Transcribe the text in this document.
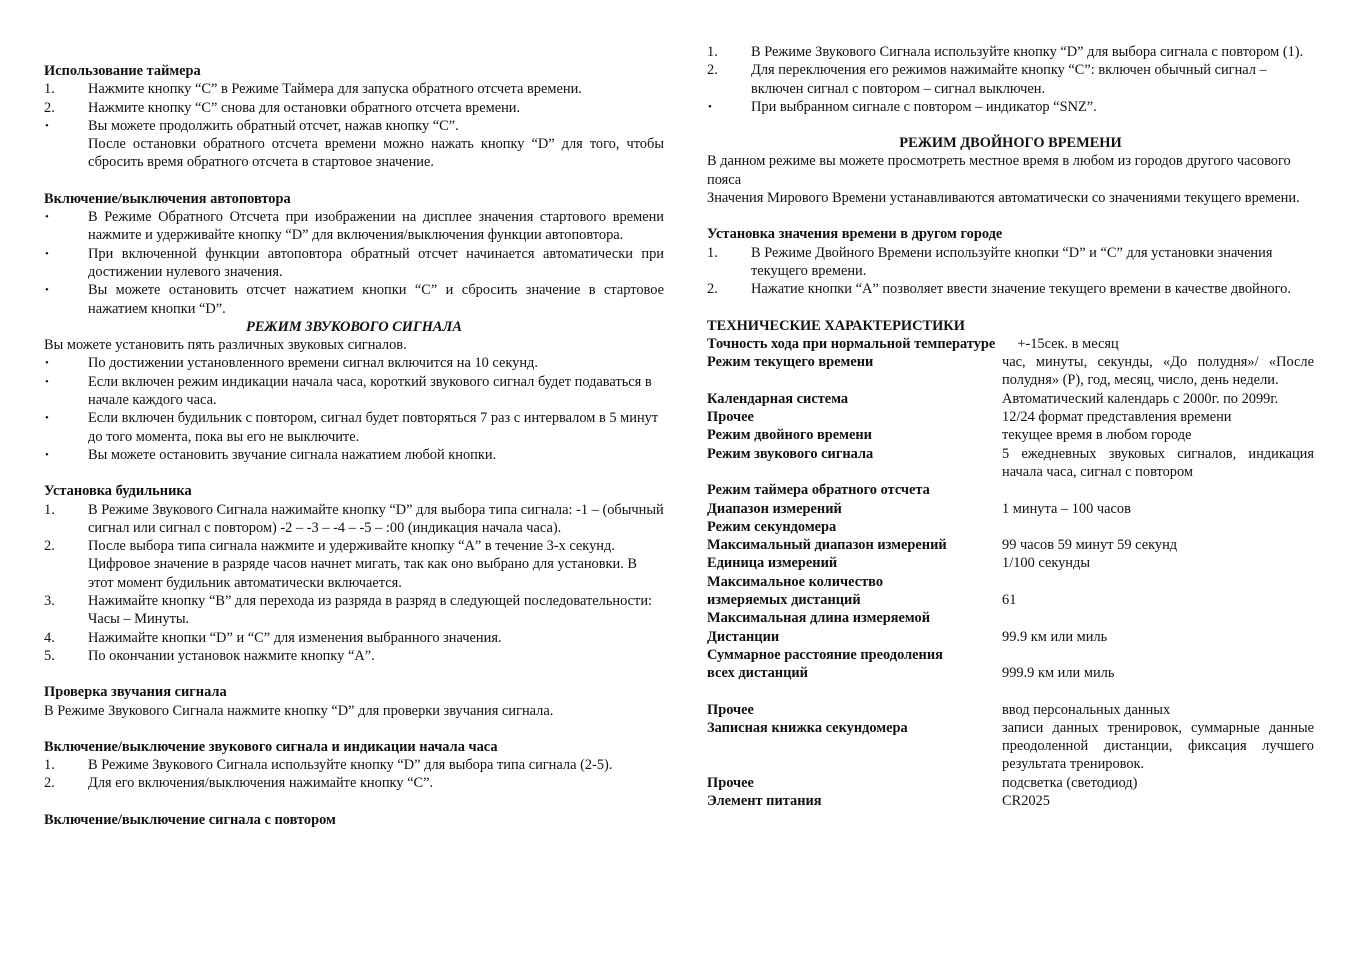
Использование таймера

1. Нажмите кнопку “C” в Режиме Таймера для запуска обратного отсчета времени.

2. Нажмите кнопку “C” снова для остановки обратного отсчета времени.

•	Вы можете продолжить обратный отсчет, нажав кнопку “C”.

После остановки обратного отсчета времени можно нажать кнопку “D” для того, чтобы сбросить время обратного отсчета в стартовое значение.

Включение/выключения автоповтора

•	В Режиме Обратного Отсчета при изображении на дисплее значения стартового времени нажмите и удерживайте кнопку “D” для включения/выключения функции автоповтора.

•	При включенной функции автоповтора обратный отсчет начинается автоматически при достижении нулевого значения.

•	Вы можете остановить отсчет нажатием кнопки “C” и сбросить значение в стартовое нажатием кнопки “D”.

РЕЖИМ ЗВУКОВОГО СИГНАЛА

Вы можете установить пять различных звуковых сигналов.

•	По достижении установленного времени сигнал включится на 10 секунд.

•	Если включен режим индикации начала часа, короткий звукового сигнал будет подаваться в начале каждого часа.

•	Если включен будильник с повтором, сигнал будет повторяться 7 раз с интервалом в 5 минут до того момента, пока вы его не выключите.

•	Вы можете остановить звучание сигнала нажатием любой кнопки.

Установка будильника

1. В Режиме Звукового Сигнала нажимайте кнопку “D” для выбора типа сигнала: -1 – (обычный сигнал или сигнал с повтором) -2 – -3 – -4 – -5 – :00 (индикация начала часа).

2. После выбора типа сигнала нажмите и удерживайте кнопку “A” в течение 3-х секунд. Цифровое значение в разряде часов начнет мигать, так как оно выбрано для установки. В этот момент будильник автоматически включается.

3. Нажимайте кнопку “B” для перехода из разряда в разряд в следующей последовательности: Часы – Минуты.

4. Нажимайте кнопки “D” и “C” для изменения выбранного значения.

5. По окончании установок нажмите кнопку “A”.

Проверка звучания сигнала

В Режиме Звукового Сигнала нажмите кнопку “D” для проверки звучания сигнала.

Включение/выключение звукового сигнала и индикации начала часа

1. В Режиме Звукового Сигнала используйте кнопку “D” для выбора типа сигнала (2-5).

2. Для его включения/выключения нажимайте кнопку “C”.

Включение/выключение сигнала с повтором

1. В Режиме Звукового Сигнала используйте кнопку “D” для выбора сигнала с повтором (1).

2. Для переключения его режимов нажимайте кнопку “C”: включен обычный сигнал – включен сигнал с повтором – сигнал выключен.

•	При выбранном сигнале с повтором – индикатор “SNZ”.

РЕЖИМ ДВОЙНОГО ВРЕМЕНИ

В данном режиме вы можете просмотреть местное время в любом из городов другого часового пояса

Значения Мирового Времени устанавливаются автоматически со значениями текущего времени.

Установка значения времени в другом городе

1. В Режиме Двойного Времени используйте кнопки “D” и “C” для установки значения текущего времени.

2. Нажатие кнопки “A” позволяет ввести значение текущего времени в качестве двойного.

ТЕХНИЧЕСКИЕ ХАРАКТЕРИСТИКИ

Точность хода при нормальной температуре +-15сек. в месяц

Режим текущего времени	час, минуты, секунды, «До полудня»/ «После полудня» (P), год, месяц, число, день недели.
Календарная система	Автоматический календарь с 2000г. по 2099г.
Прочее	12/24 формат представления времени
Режим двойного времени	текущее время в любом городе
Режим звукового сигнала	5 ежедневных звуковых сигналов, индикация начала часа, сигнал с повтором
Режим таймера обратного отсчета
Диапазон измерений	1 минута – 100 часов
Режим секундомера
Максимальный диапазон измерений	99 часов 59 минут 59 секунд
Единица измерений	1/100 секунды
Максимальное количество
измеряемых дистанций	61
Максимальная длина измеряемой
Дистанции	99.9 км или миль
Суммарное расстояние преодоления
всех дистанций	999.9 км или миль
Прочее	ввод персональных данных
Записная книжка секундомера	записи данных тренировок, суммарные данные преодоленной дистанции, фиксация лучшего результата тренировок.
Прочее	подсветка (светодиод)
Элемент питания	CR2025
